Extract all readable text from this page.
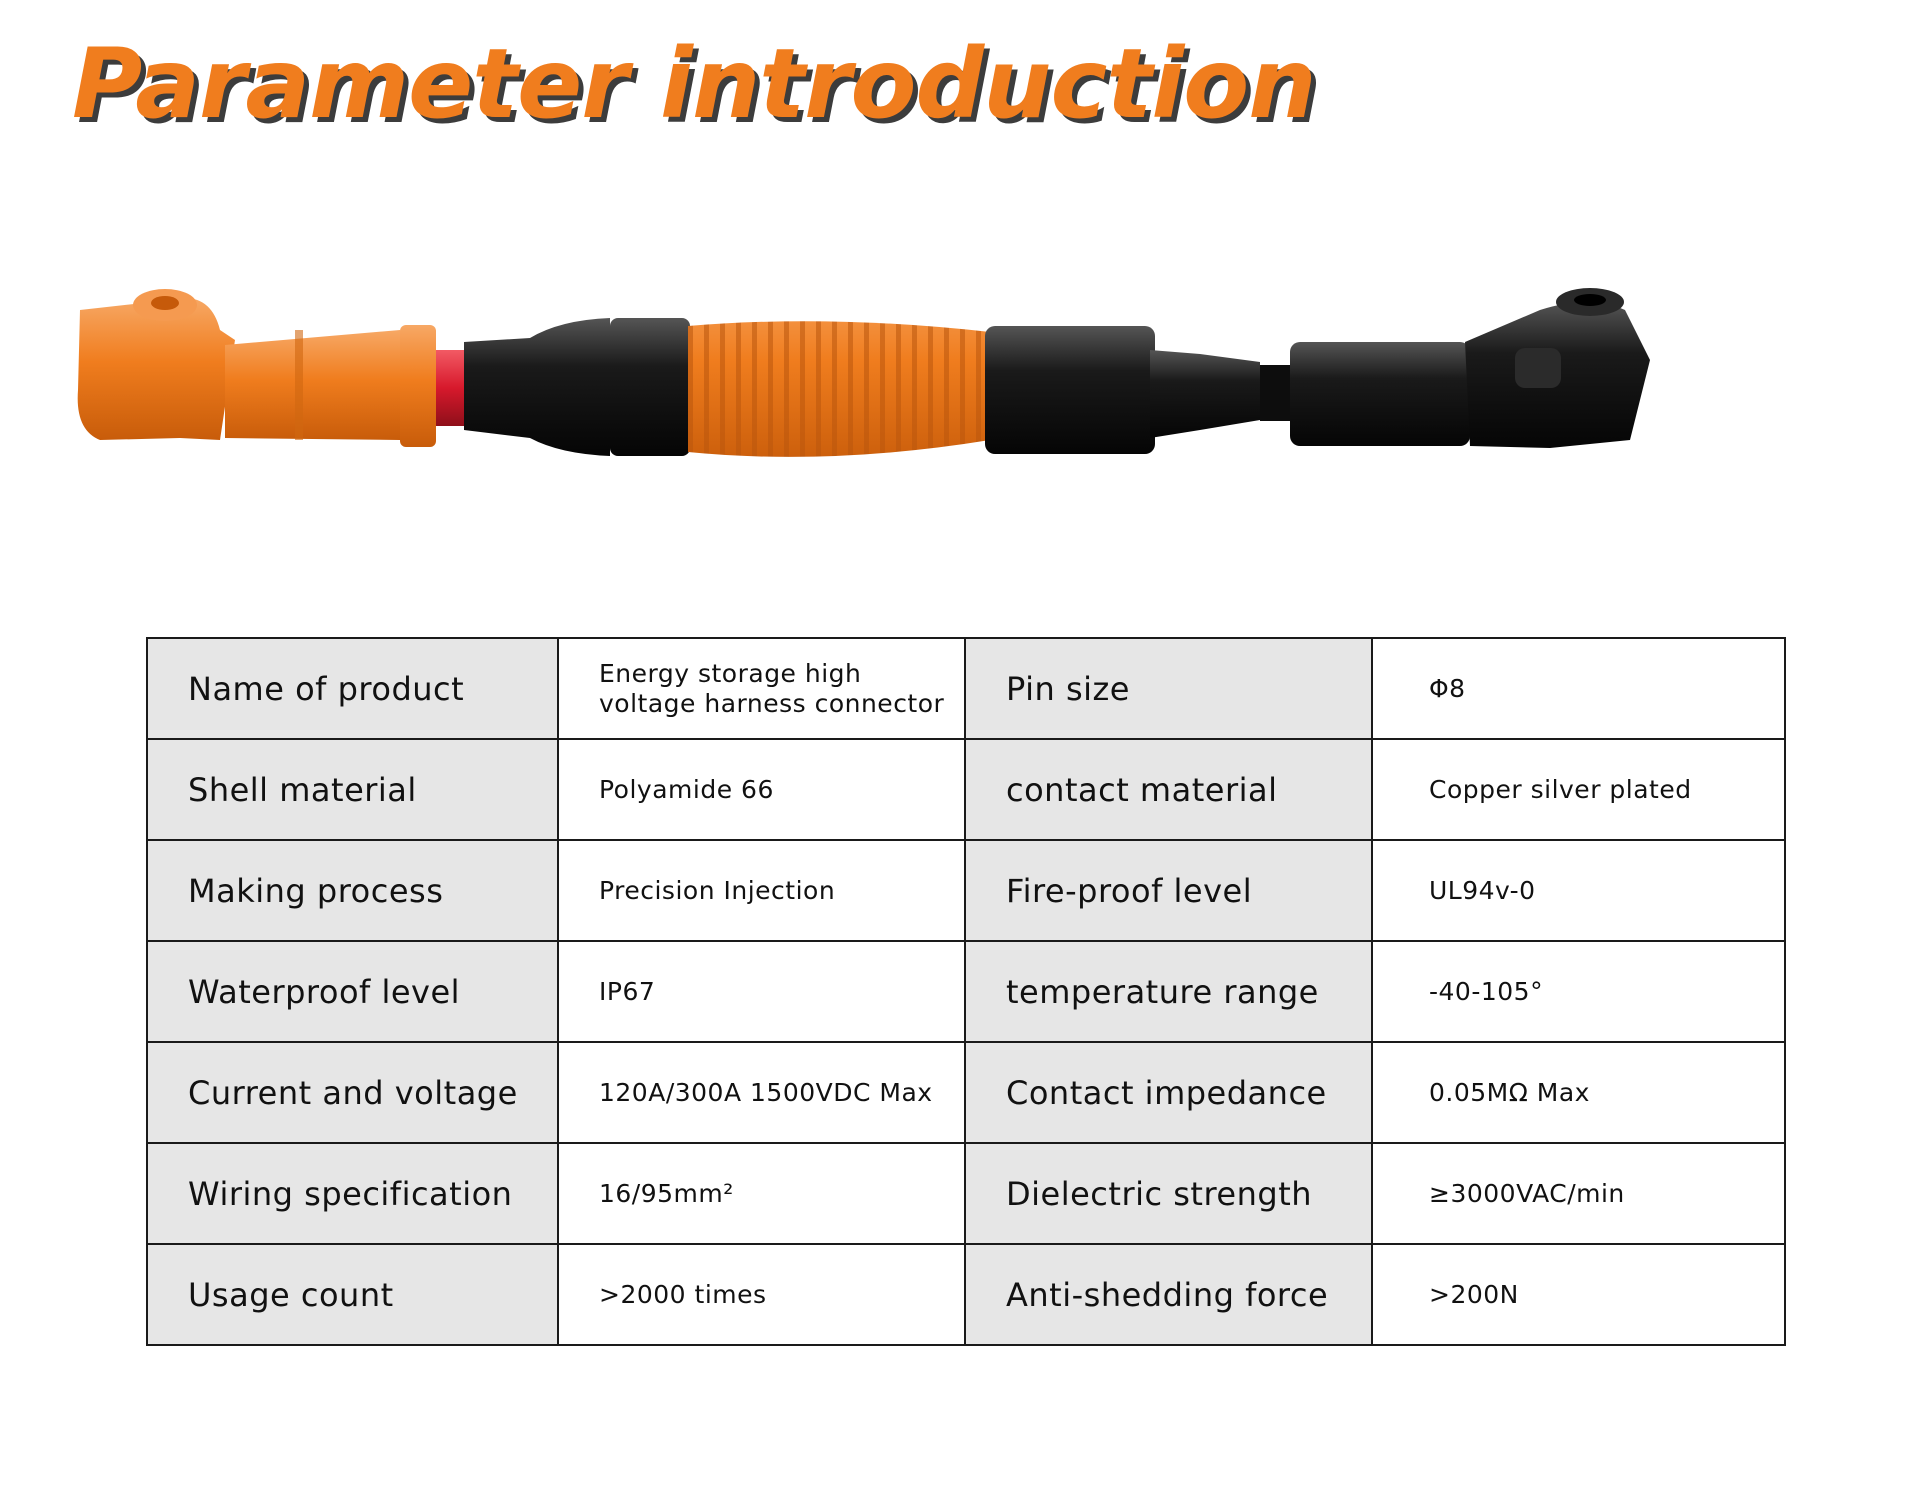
Parameter introduction
Name of product	Energy storage high voltage harness connector	Pin size	Φ8
Shell material	Polyamide 66	contact material	Copper silver plated
Making process	Precision Injection	Fire-proof level	UL94v-0
Waterproof level	IP67	temperature range	-40-105°
Current and voltage	120A/300A 1500VDC Max	Contact impedance	0.05MΩ Max
Wiring specification	16/95mm²	Dielectric strength	≥3000VAC/min
Usage count	>2000 times	Anti-shedding force	>200N
